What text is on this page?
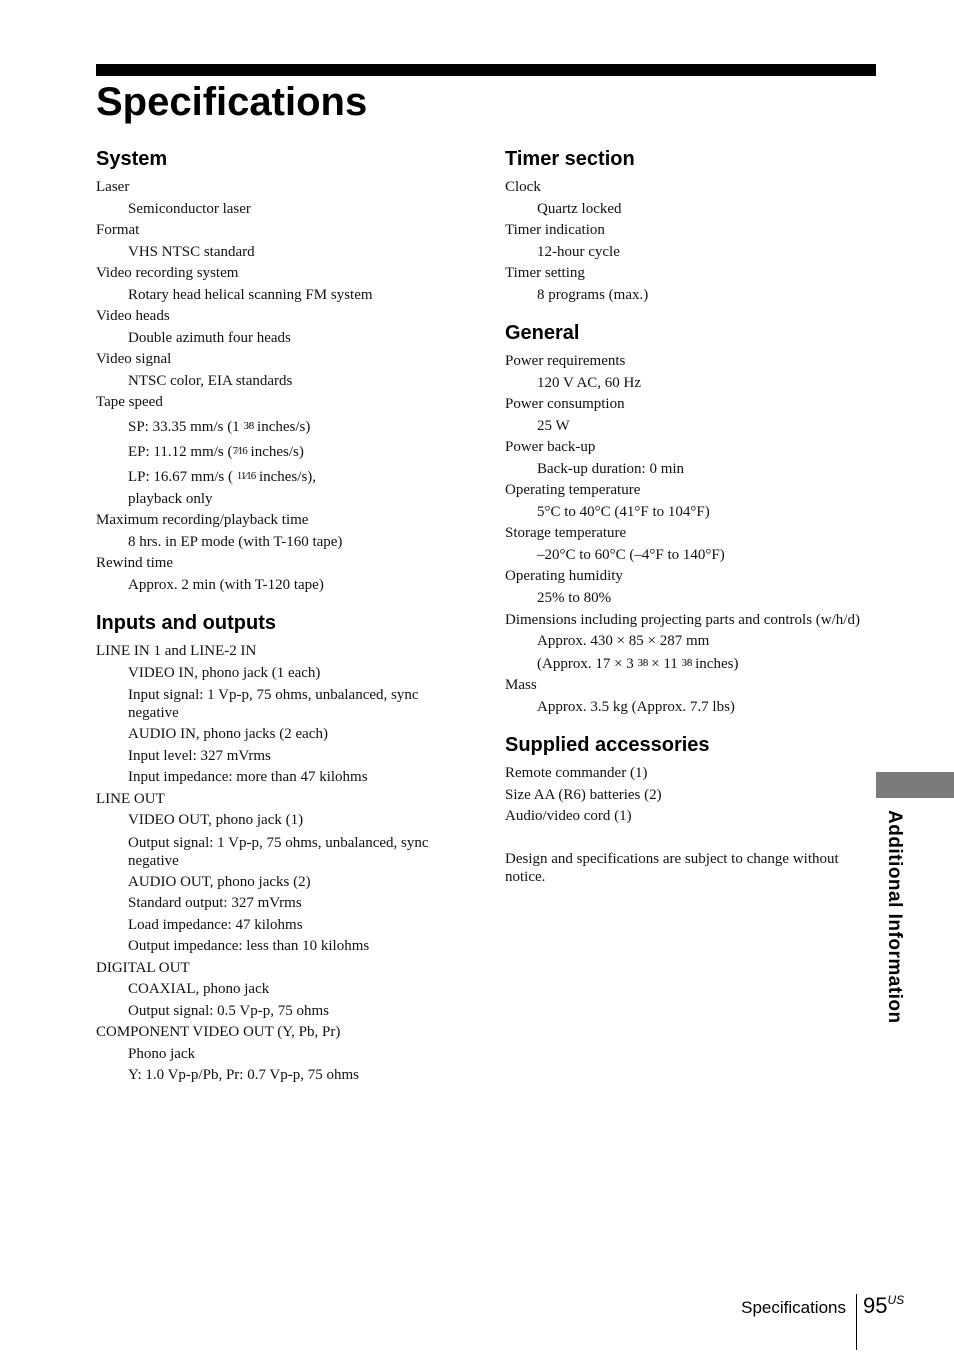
Specifications
System
Laser
Semiconductor laser
Format
VHS NTSC standard
Video recording system
Rotary head helical scanning FM system
Video heads
Double azimuth four heads
Video signal
NTSC color, EIA standards
Tape speed
SP: 33.35 mm/s (1 3⁄8 inches/s)
EP: 11.12 mm/s (7⁄16 inches/s)
LP: 16.67 mm/s ( 11⁄16 inches/s),
playback only
Maximum recording/playback time
8 hrs. in EP mode (with T-160 tape)
Rewind time
Approx. 2 min (with T-120 tape)
Inputs and outputs
LINE IN 1 and LINE-2 IN
VIDEO IN, phono jack (1 each)
Input signal: 1 Vp-p, 75 ohms, unbalanced, sync negative
AUDIO IN, phono jacks (2 each)
Input level: 327 mVrms
Input impedance: more than 47 kilohms
LINE OUT
VIDEO OUT, phono jack (1)
Output signal: 1 Vp-p, 75 ohms, unbalanced, sync negative
AUDIO OUT, phono jacks (2)
Standard output: 327 mVrms
Load impedance: 47 kilohms
Output impedance: less than 10 kilohms
DIGITAL OUT
COAXIAL, phono jack
Output signal: 0.5 Vp-p, 75 ohms
COMPONENT VIDEO OUT (Y, Pb, Pr)
Phono jack
Y: 1.0 Vp-p/Pb, Pr: 0.7 Vp-p, 75 ohms
Timer section
Clock
Quartz locked
Timer indication
12-hour cycle
Timer setting
8 programs (max.)
General
Power requirements
120 V AC, 60 Hz
Power consumption
25 W
Power back-up
Back-up duration: 0 min
Operating temperature
5°C to 40°C (41°F to 104°F)
Storage temperature
–20°C to 60°C (–4°F to 140°F)
Operating humidity
25% to 80%
Dimensions including projecting parts and controls (w/h/d)
Approx. 430 × 85 × 287 mm
(Approx. 17 × 3 3⁄8 × 11 3⁄8 inches)
Mass
Approx. 3.5 kg (Approx. 7.7 lbs)
Supplied accessories
Remote commander (1)
Size AA (R6) batteries (2)
Audio/video cord (1)
Design and specifications are subject to change without notice.	Additional Information
Specifications $95^{US}$
